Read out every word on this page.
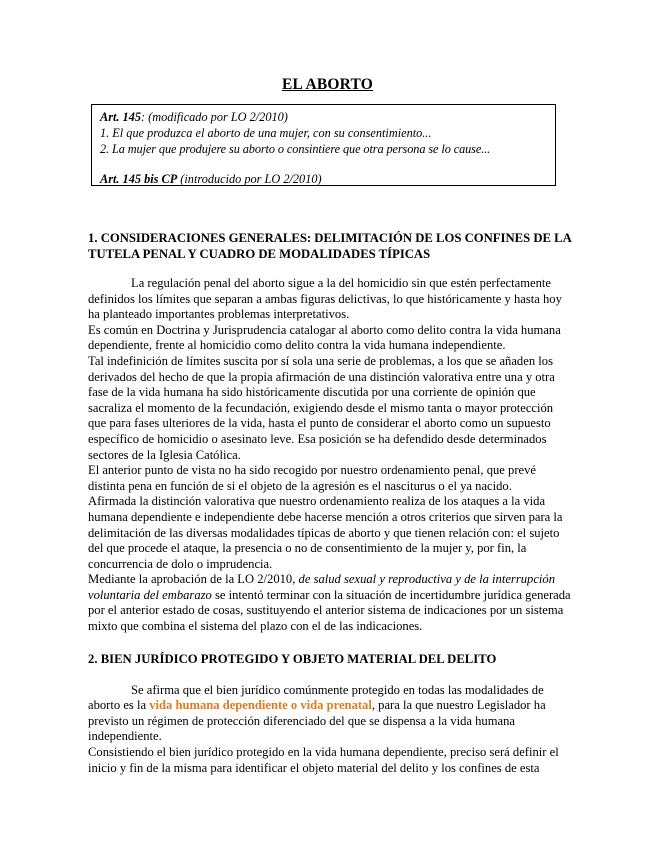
EL ABORTO
Art. 145: (modificado por LO 2/2010)
1. El que produzca el aborto de una mujer, con su consentimiento...
2. La mujer que produjere su aborto o consintiere que otra persona se lo cause...
Art. 145 bis CP (introducido por LO 2/2010)
1. CONSIDERACIONES GENERALES: DELIMITACIÓN DE LOS CONFINES DE LA TUTELA PENAL Y CUADRO DE MODALIDADES TÍPICAS

La regulación penal del aborto sigue a la del homicidio sin que estén perfectamente definidos los límites que separan a ambas figuras delictivas, lo que históricamente y hasta hoy ha planteado importantes problemas interpretativos.

Es común en Doctrina y Jurisprudencia catalogar al aborto como delito contra la vida humana dependiente, frente al homicidio como delito contra la vida humana independiente.

Tal indefinición de límites suscita por sí sola una serie de problemas, a los que se añaden los derivados del hecho de que la propia afirmación de una distinción valorativa entre una y otra fase de la vida humana ha sido históricamente discutida por una corriente de opinión que sacraliza el momento de la fecundación, exigiendo desde el mismo tanta o mayor protección que para fases ulteriores de la vida, hasta el punto de considerar el aborto como un supuesto específico de homicidio o asesinato leve. Esa posición se ha defendido desde determinados sectores de la Iglesia Católica.

El anterior punto de vista no ha sido recogido por nuestro ordenamiento penal, que prevé distinta pena en función de si el objeto de la agresión es el nasciturus o el ya nacido.

Afirmada la distinción valorativa que nuestro ordenamiento realiza de los ataques a la vida humana dependiente e independiente debe hacerse mención a otros criterios que sirven para la delimitación de las diversas modalidades típicas de aborto y que tienen relación con: el sujeto del que procede el ataque, la presencia o no de consentimiento de la mujer y, por fin, la concurrencia de dolo o imprudencia.

Mediante la aprobación de la LO 2/2010, de salud sexual y reproductiva y de la interrupción voluntaria del embarazo se intentó terminar con la situación de incertidumbre jurídica generada por el anterior estado de cosas, sustituyendo el anterior sistema de indicaciones por un sistema mixto que combina el sistema del plazo con el de las indicaciones.

2. BIEN JURÍDICO PROTEGIDO Y OBJETO MATERIAL DEL DELITO

Se afirma que el bien jurídico comúnmente protegido en todas las modalidades de aborto es la vida humana dependiente o vida prenatal, para la que nuestro Legislador ha previsto un régimen de protección diferenciado del que se dispensa a la vida humana independiente.

Consistiendo el bien jurídico protegido en la vida humana dependiente, preciso será definir el inicio y fin de la misma para identificar el objeto material del delito y los confines de esta
